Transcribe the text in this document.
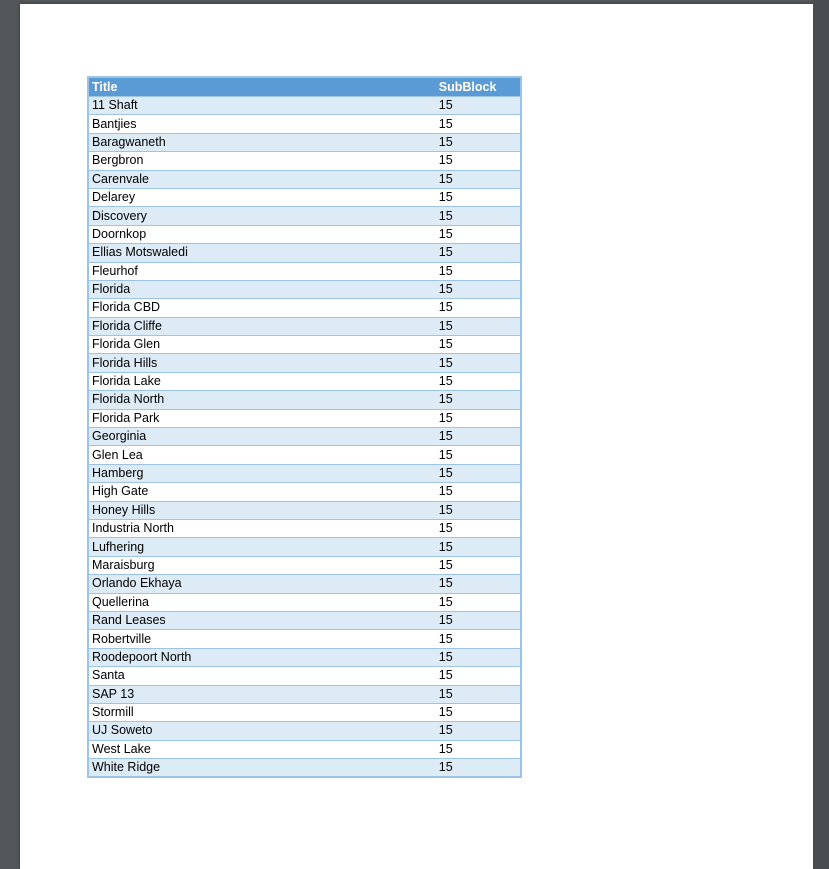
Title	SubBlock
11 Shaft	15
Bantjies	15
Baragwaneth	15
Bergbron	15
Carenvale	15
Delarey	15
Discovery	15
Doornkop	15
Ellias Motswaledi	15
Fleurhof	15
Florida	15
Florida CBD	15
Florida Cliffe	15
Florida Glen	15
Florida Hills	15
Florida Lake	15
Florida North	15
Florida Park	15
Georginia	15
Glen Lea	15
Hamberg	15
High Gate	15
Honey Hills	15
Industria North	15
Lufhering	15
Maraisburg	15
Orlando Ekhaya	15
Quellerina	15
Rand Leases	15
Robertville	15
Roodepoort North	15
Santa	15
SAP 13	15
Stormill	15
UJ Soweto	15
West Lake	15
White Ridge	15
